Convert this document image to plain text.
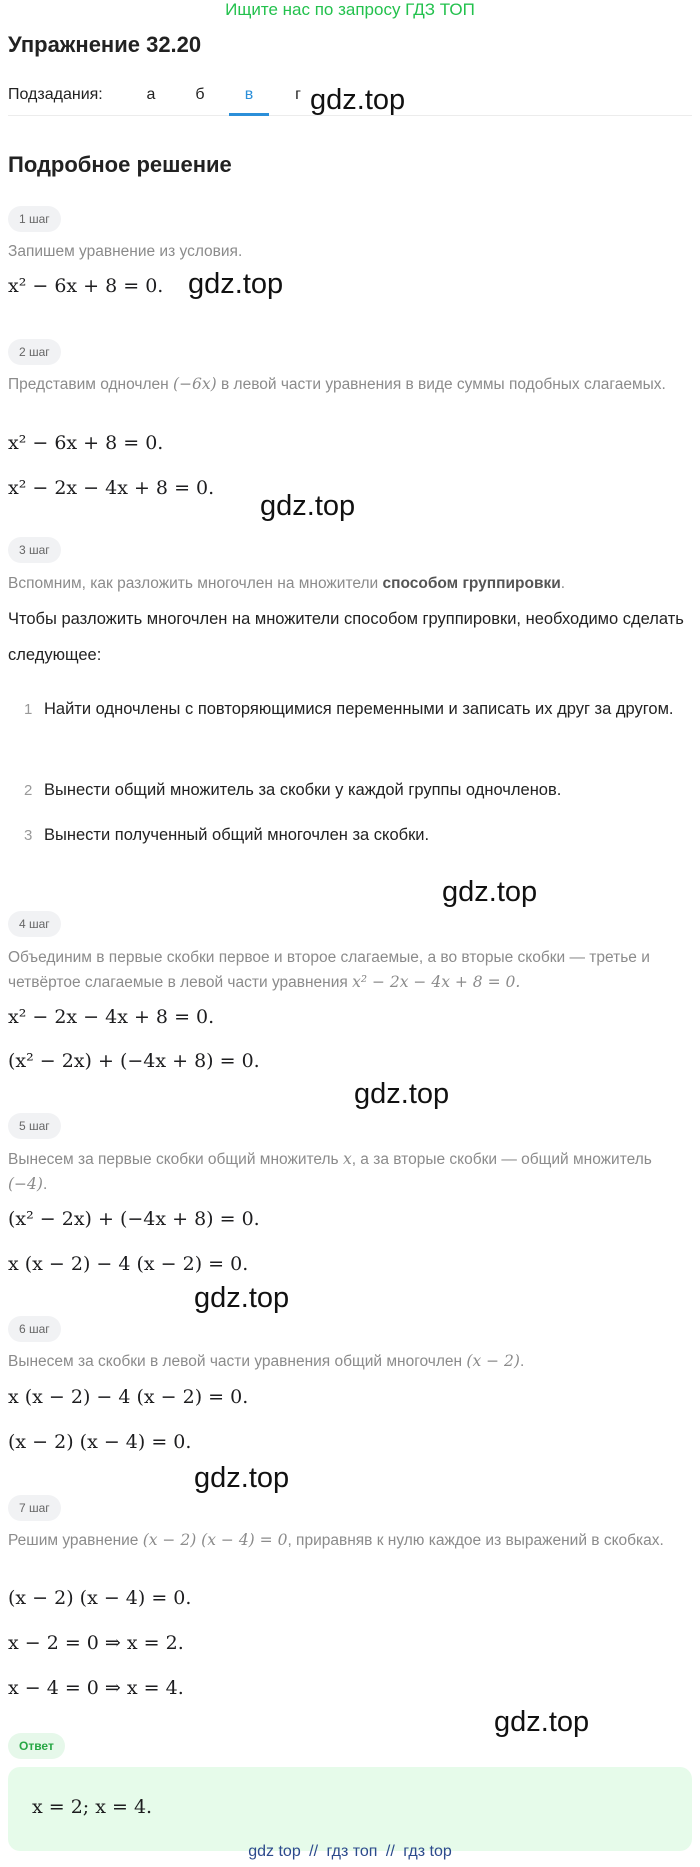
Ищите нас по запросу ГДЗ ТОП
Упражнение 32.20
Подзадания:	а	б	в	г gdz.top
Подробное решение
1 шаг
Запишем уравнение из условия.
x² − 6x + 8 = 0. gdz.top
2 шаг
Представим одночлен (−6x) в левой части уравнения в виде суммы подобных слагаемых.
x² − 6x + 8 = 0.
x² − 2x − 4x + 8 = 0.
gdz.top
3 шаг
Вспомним, как разложить многочлен на множители способом группировки.
Чтобы разложить многочлен на множители способом группировки, необходимо сделать следующее:
1 Найти одночлены с повторяющимися переменными и записать их друг за другом.
2 Вынести общий множитель за скобки у каждой группы одночленов.
3 Вынести полученный общий многочлен за скобки.
gdz.top
4 шаг
Объединим в первые скобки первое и второе слагаемые, а во вторые скобки — третье и четвёртое слагаемые в левой части уравнения x² − 2x − 4x + 8 = 0.
x² − 2x − 4x + 8 = 0.
(x² − 2x) + (−4x + 8) = 0.
gdz.top
5 шаг
Вынесем за первые скобки общий множитель x, а за вторые скобки — общий множитель (−4).
(x² − 2x) + (−4x + 8) = 0.
x (x − 2) − 4 (x − 2) = 0.
gdz.top
6 шаг
Вынесем за скобки в левой части уравнения общий многочлен (x − 2).
x (x − 2) − 4 (x − 2) = 0.
(x − 2) (x − 4) = 0.
gdz.top
7 шаг
Решим уравнение (x − 2) (x − 4) = 0, приравняв к нулю каждое из выражений в скобках.
(x − 2) (x − 4) = 0.
x − 2 = 0 ⇒ x = 2.
x − 4 = 0 ⇒ x = 4.
gdz.top
Ответ
x = 2; x = 4.
gdz top // гдз топ // гдз top
